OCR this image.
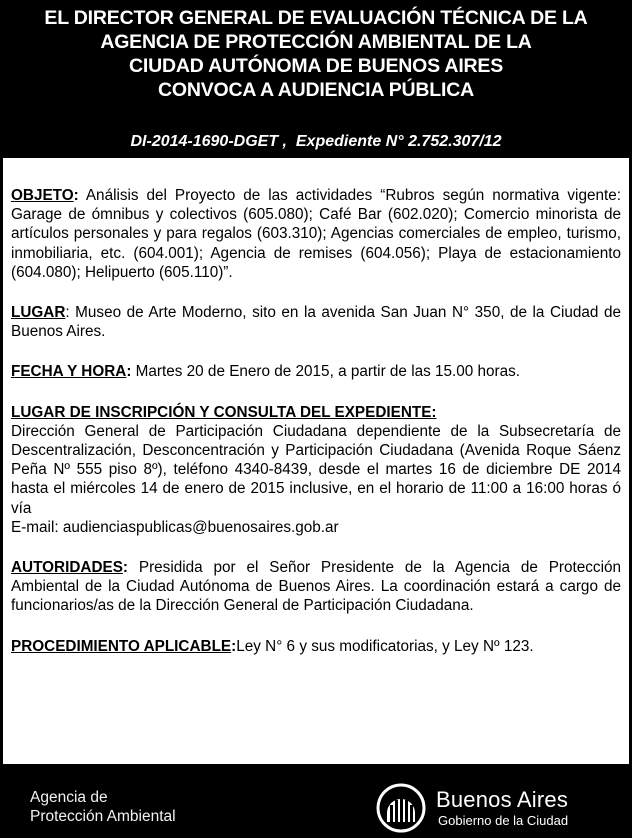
EL DIRECTOR GENERAL DE EVALUACIÓN TÉCNICA DE LA
AGENCIA DE PROTECCIÓN AMBIENTAL DE LA
CIUDAD AUTÓNOMA DE BUENOS AIRES
CONVOCA A AUDIENCIA PÚBLICA
DI-2014-1690-DGET ,  Expediente N° 2.752.307/12

OBJETO: Análisis del Proyecto de las actividades “Rubros según normativa vigente: Garage de ómnibus y colectivos (605.080); Café Bar (602.020); Comercio minorista de artículos personales y para regalos (603.310); Agencias comerciales de empleo, turismo, inmobiliaria, etc. (604.001); Agencia de remises (604.056); Playa de estacionamiento (604.080); Helipuerto (605.110)”.

LUGAR: Museo de Arte Moderno, sito en la avenida San Juan N° 350, de la Ciudad de Buenos Aires.

FECHA Y HORA: Martes 20 de Enero de 2015, a partir de las 15.00 horas.

LUGAR DE INSCRIPCIÓN Y CONSULTA DEL EXPEDIENTE:
Dirección General de Participación Ciudadana dependiente de la Subsecretaría de Descentralización, Desconcentración y Participación Ciudadana (Avenida Roque Sáenz Peña Nº 555 piso 8º), teléfono 4340-8439, desde el martes 16 de diciembre DE 2014 hasta el miércoles 14 de enero de 2015 inclusive, en el horario de 11:00 a 16:00 horas ó vía
E-mail: audienciaspublicas@buenosaires.gob.ar

AUTORIDADES: Presidida por el Señor Presidente de la Agencia de Protección Ambiental de la Ciudad Autónoma de Buenos Aires. La coordinación estará a cargo de funcionarios/as de la Dirección General de Participación Ciudadana.

PROCEDIMIENTO APLICABLE:Ley N° 6 y sus modificatorias, y Ley Nº 123.

Agencia de
Protección Ambiental
Buenos Aires
Gobierno de la Ciudad
